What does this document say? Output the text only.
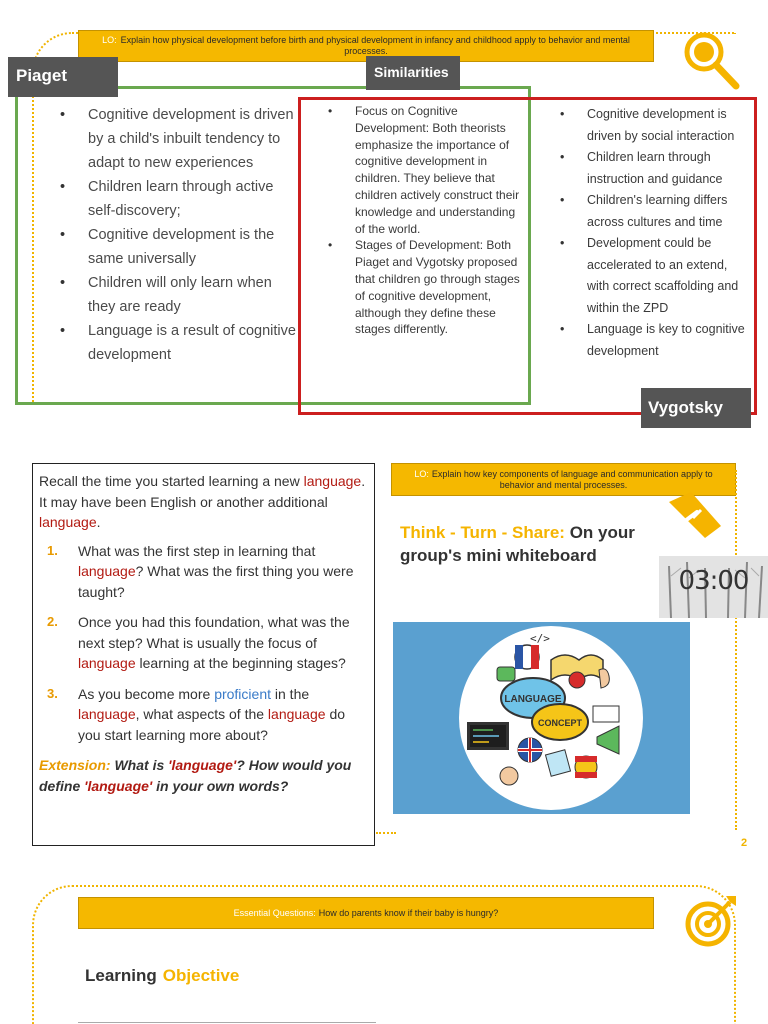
LO: Explain how physical development before birth and physical development in infancy and childhood apply to behavior and mental processes.
Piaget	Similarities
Vygotsky
• Cognitive development is driven by a child's inbuilt tendency to adapt to new experiences
• Children learn through active self-discovery;
• Cognitive development is the same universally
• Children will only learn when they are ready
• Language is a result of cognitive development
• Focus on Cognitive Development: Both theorists emphasize the importance of cognitive development in children. They believe that children actively construct their knowledge and understanding of the world.
• Stages of Development: Both Piaget and Vygotsky proposed that children go through stages of cognitive development, although they define these stages differently.
• Cognitive development is driven by social interaction
• Children learn through instruction and guidance
• Children's learning differs across cultures and time
• Development could be accelerated to an extend, with correct scaffolding and within the ZPD
• Language is key to cognitive development
Recall the time you started learning a new language. It may have been English or another additional language.
1. What was the first step in learning that language? What was the first thing you were taught?
2. Once you had this foundation, what was the next step? What is usually the focus of language learning at the beginning stages?
3. As you become more proficient in the language, what aspects of the language do you start learning more about?
Extension: What is 'language'? How would you define 'language' in your own words?
LO: Explain how key components of language and communication apply to behavior and mental processes.
Think - Turn - Share: On your group's mini whiteboard
03:00
</>
LANGUAGE
CONCEPT
2
Essential Questions: How do parents know if their baby is hungry?
Learning Objective
